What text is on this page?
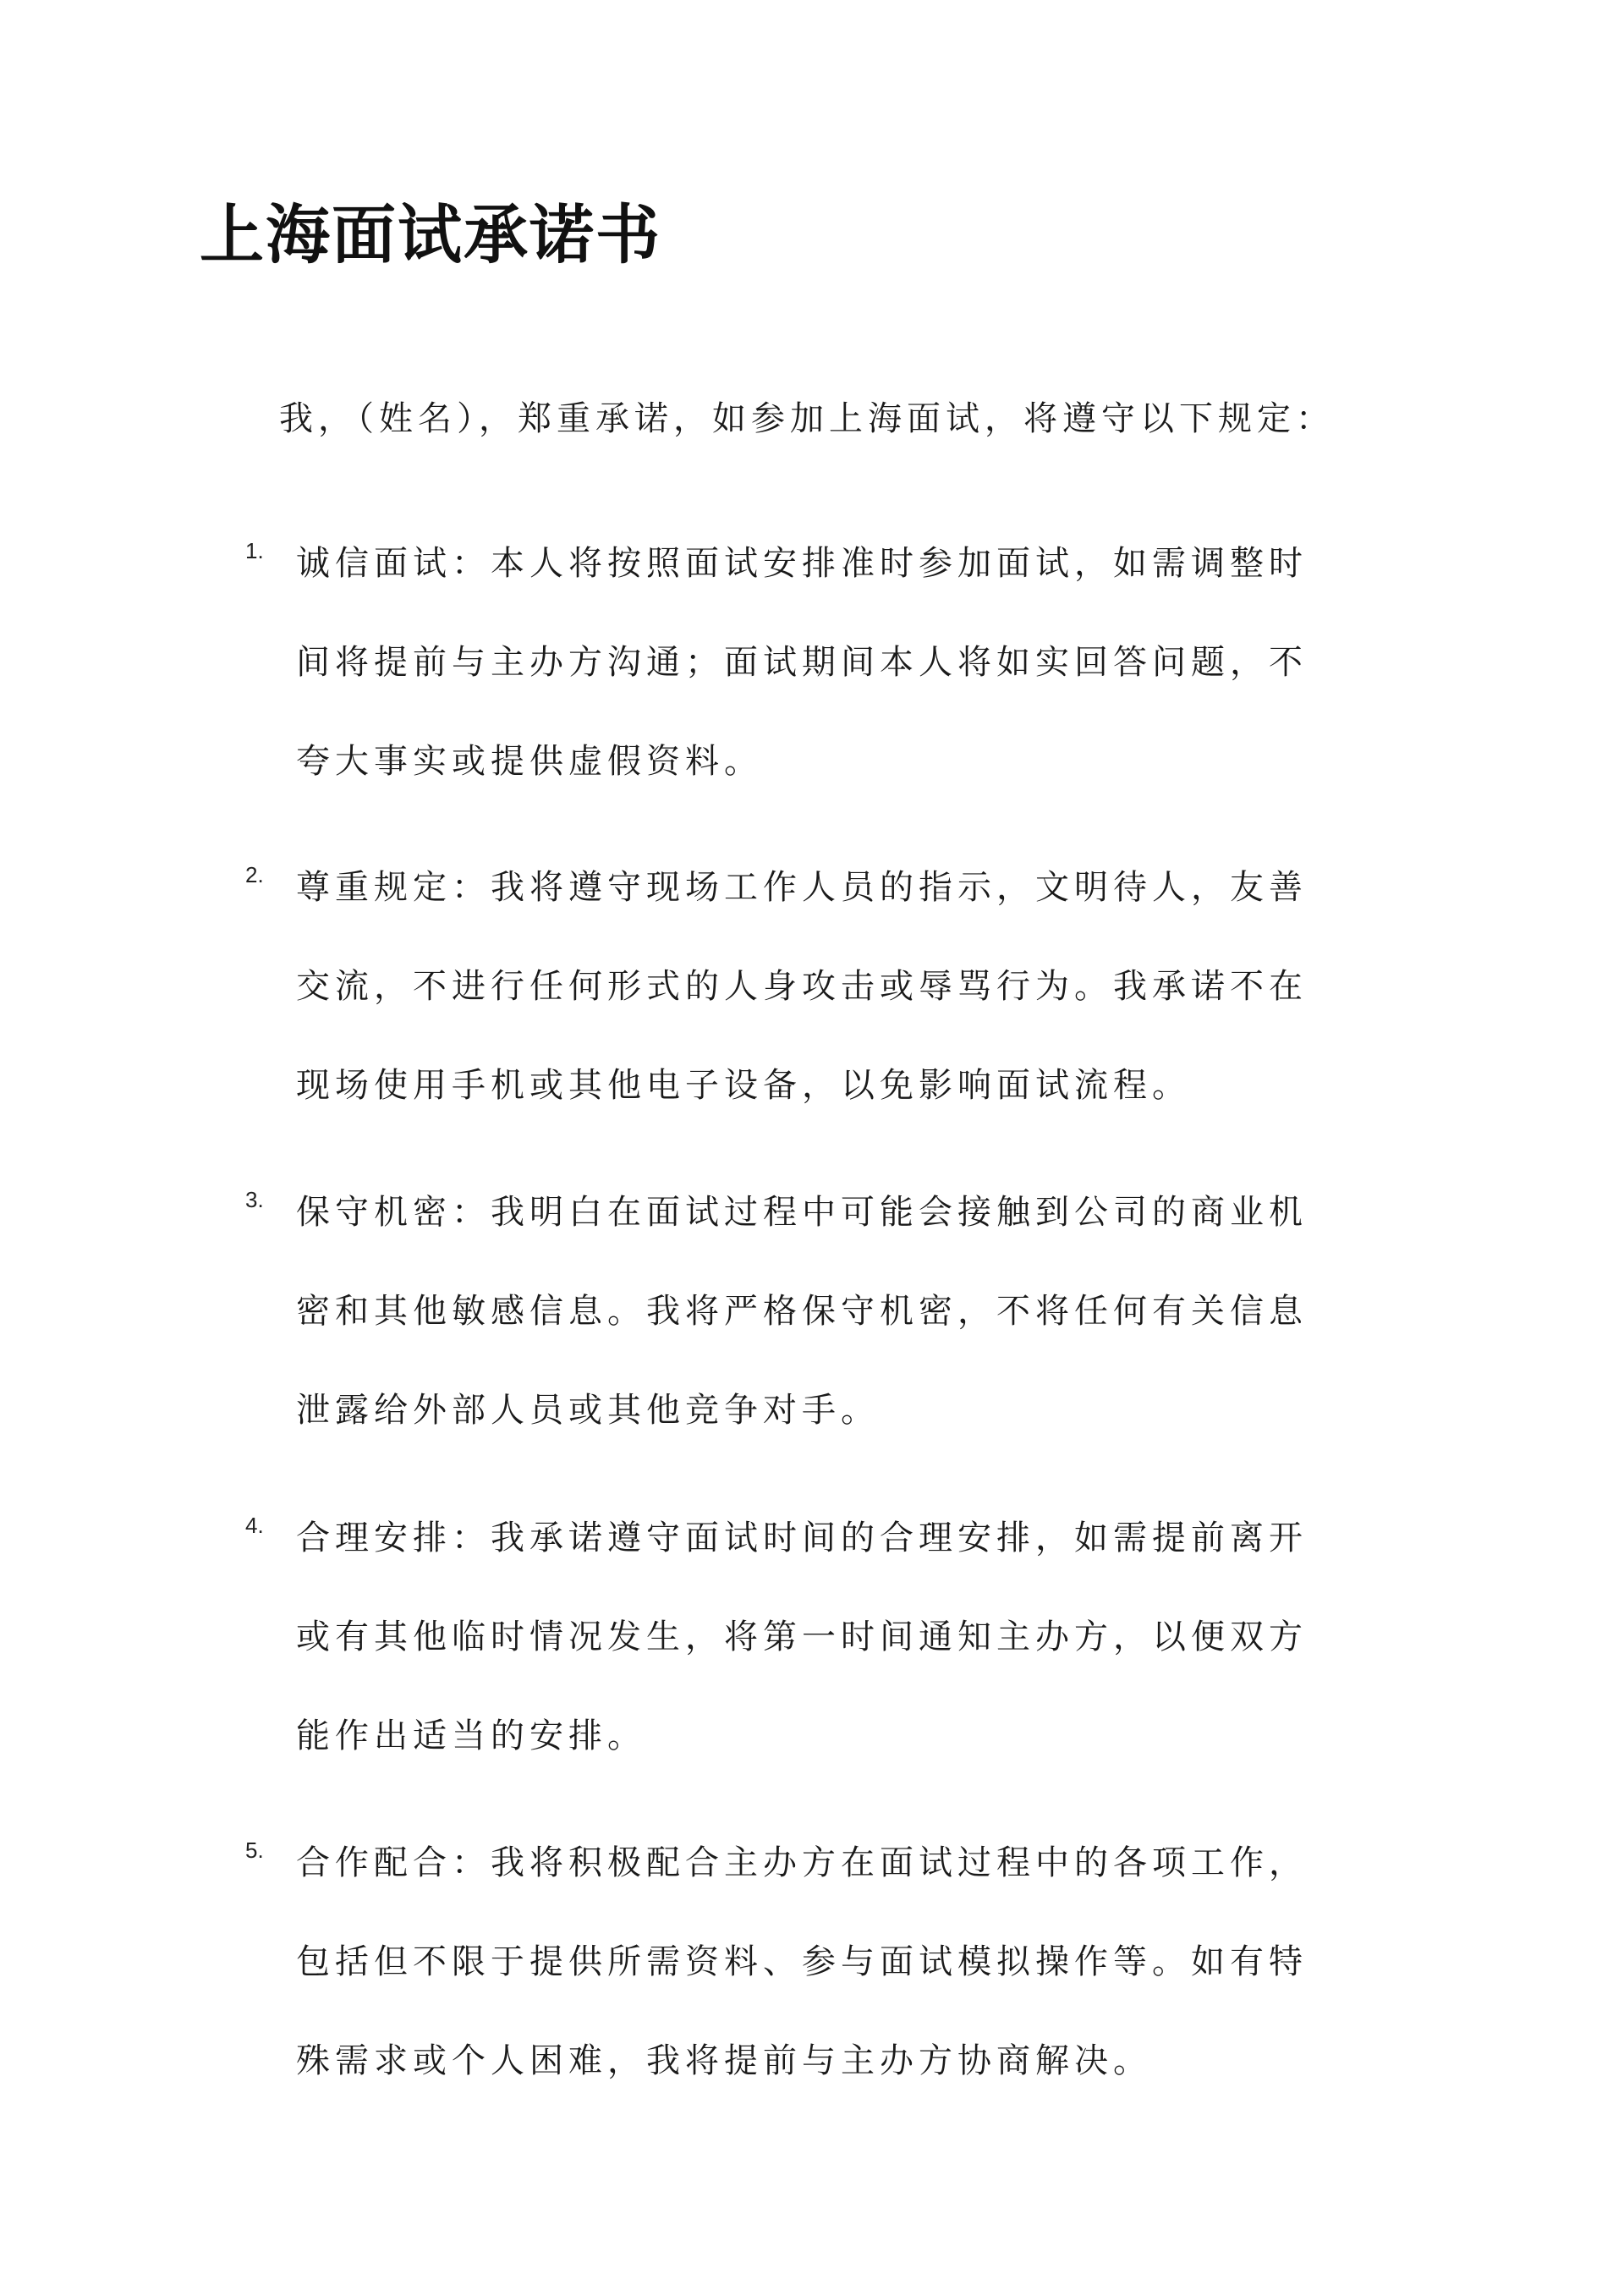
上海面试承诺书

我，（姓名），郑重承诺，如参加上海面试，将遵守以下规定：

1. 诚信面试：本人将按照面试安排准时参加面试，如需调整时
间将提前与主办方沟通；面试期间本人将如实回答问题，不
夸大事实或提供虚假资料。

2. 尊重规定：我将遵守现场工作人员的指示，文明待人，友善
交流，不进行任何形式的人身攻击或辱骂行为。我承诺不在
现场使用手机或其他电子设备，以免影响面试流程。

3. 保守机密：我明白在面试过程中可能会接触到公司的商业机
密和其他敏感信息。我将严格保守机密，不将任何有关信息
泄露给外部人员或其他竞争对手。

4. 合理安排：我承诺遵守面试时间的合理安排，如需提前离开
或有其他临时情况发生，将第一时间通知主办方，以便双方
能作出适当的安排。

5. 合作配合：我将积极配合主办方在面试过程中的各项工作，
包括但不限于提供所需资料、参与面试模拟操作等。如有特
殊需求或个人困难，我将提前与主办方协商解决。
